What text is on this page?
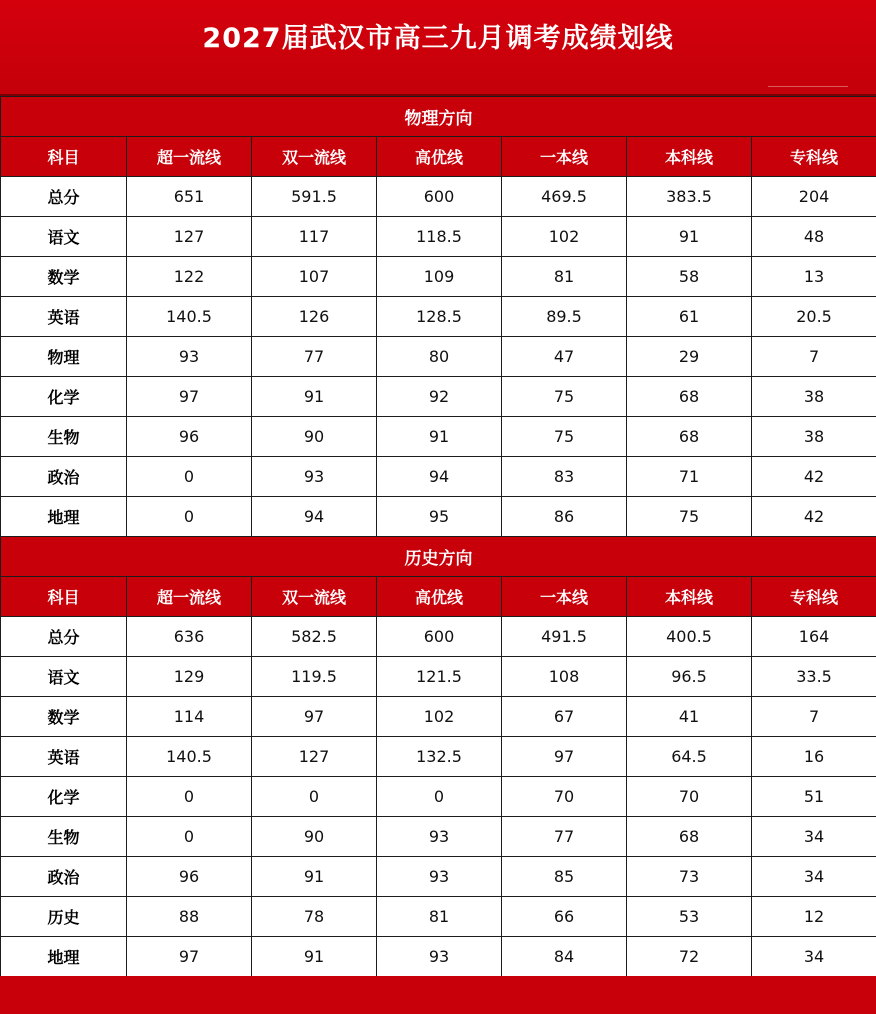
2027届武汉市高三九月调考成绩划线
物理方向						
科目	超一流线	双一流线	高优线	一本线	本科线	专科线
总分	651	591.5	600	469.5	383.5	204
语文	127	117	118.5	102	91	48
数学	122	107	109	81	58	13
英语	140.5	126	128.5	89.5	61	20.5
物理	93	77	80	47	29	7
化学	97	91	92	75	68	38
生物	96	90	91	75	68	38
政治	0	93	94	83	71	42
地理	0	94	95	86	75	42
历史方向						
科目	超一流线	双一流线	高优线	一本线	本科线	专科线
总分	636	582.5	600	491.5	400.5	164
语文	129	119.5	121.5	108	96.5	33.5
数学	114	97	102	67	41	7
英语	140.5	127	132.5	97	64.5	16
化学	0	0	0	70	70	51
生物	0	90	93	77	68	34
政治	96	91	93	85	73	34
历史	88	78	81	66	53	12
地理	97	91	93	84	72	34
